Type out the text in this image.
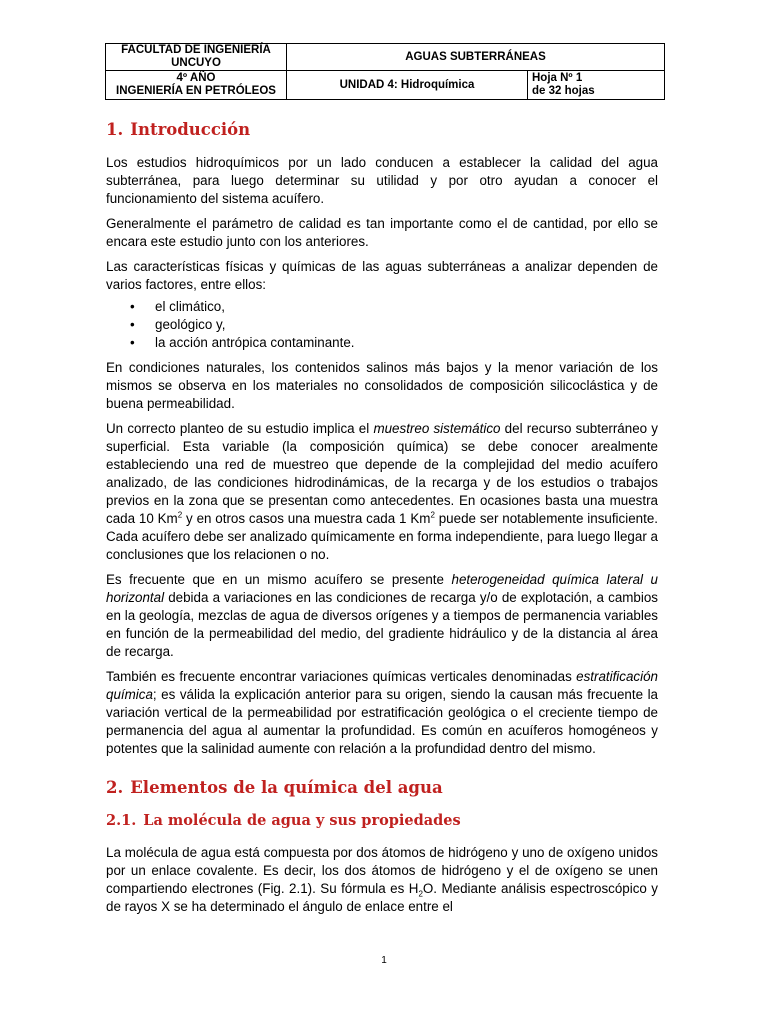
FACULTAD DE INGENIERÍA
UNCUYO	AGUAS SUBTERRÁNEAS	

4º AÑO
INGENIERÍA EN PETRÓLEOS	UNIDAD 4: Hidroquímica	Hoja Nº 1
de 32 hojas
1. Introducción

Los estudios hidroquímicos por un lado conducen a establecer la calidad del agua subterránea, para luego determinar su utilidad y por otro ayudan a conocer el funcionamiento del sistema acuífero.

Generalmente el parámetro de calidad es tan importante como el de cantidad, por ello se encara este estudio junto con los anteriores.

Las características físicas y químicas de las aguas subterráneas a analizar dependen de varios factores, entre ellos:

• el climático,
• geológico y,
• la acción antrópica contaminante.

En condiciones naturales, los contenidos salinos más bajos y la menor variación de los mismos se observa en los materiales no consolidados de composición silicoclástica y de buena permeabilidad.

Un correcto planteo de su estudio implica el muestreo sistemático del recurso subterráneo y superficial. Esta variable (la composición química) se debe conocer arealmente estableciendo una red de muestreo que depende de la complejidad del medio acuífero analizado, de las condiciones hidrodinámicas, de la recarga y de los estudios o trabajos previos en la zona que se presentan como antecedentes. En ocasiones basta una muestra cada 10 Km$^2$ y en otros casos una muestra cada 1 Km$^2$ puede ser notablemente insuficiente. Cada acuífero debe ser analizado químicamente en forma independiente, para luego llegar a conclusiones que los relacionen o no.

Es frecuente que en un mismo acuífero se presente heterogeneidad química lateral u horizontal debida a variaciones en las condiciones de recarga y/o de explotación, a cambios en la geología, mezclas de agua de diversos orígenes y a tiempos de permanencia variables en función de la permeabilidad del medio, del gradiente hidráulico y de la distancia al área de recarga.

También es frecuente encontrar variaciones químicas verticales denominadas estratificación química; es válida la explicación anterior para su origen, siendo la causan más frecuente la variación vertical de la permeabilidad por estratificación geológica o el creciente tiempo de permanencia del agua al aumentar la profundidad. Es común en acuíferos homogéneos y potentes que la salinidad aumente con relación a la profundidad dentro del mismo.

2. Elementos de la química del agua
2.1. La molécula de agua y sus propiedades

La molécula de agua está compuesta por dos átomos de hidrógeno y uno de oxígeno unidos por un enlace covalente. Es decir, los dos átomos de hidrógeno y el de oxígeno se unen compartiendo electrones (Fig. 2.1). Su fórmula es $H_2O$. Mediante análisis espectroscópico y de rayos X se ha determinado el ángulo de enlace entre el

1
